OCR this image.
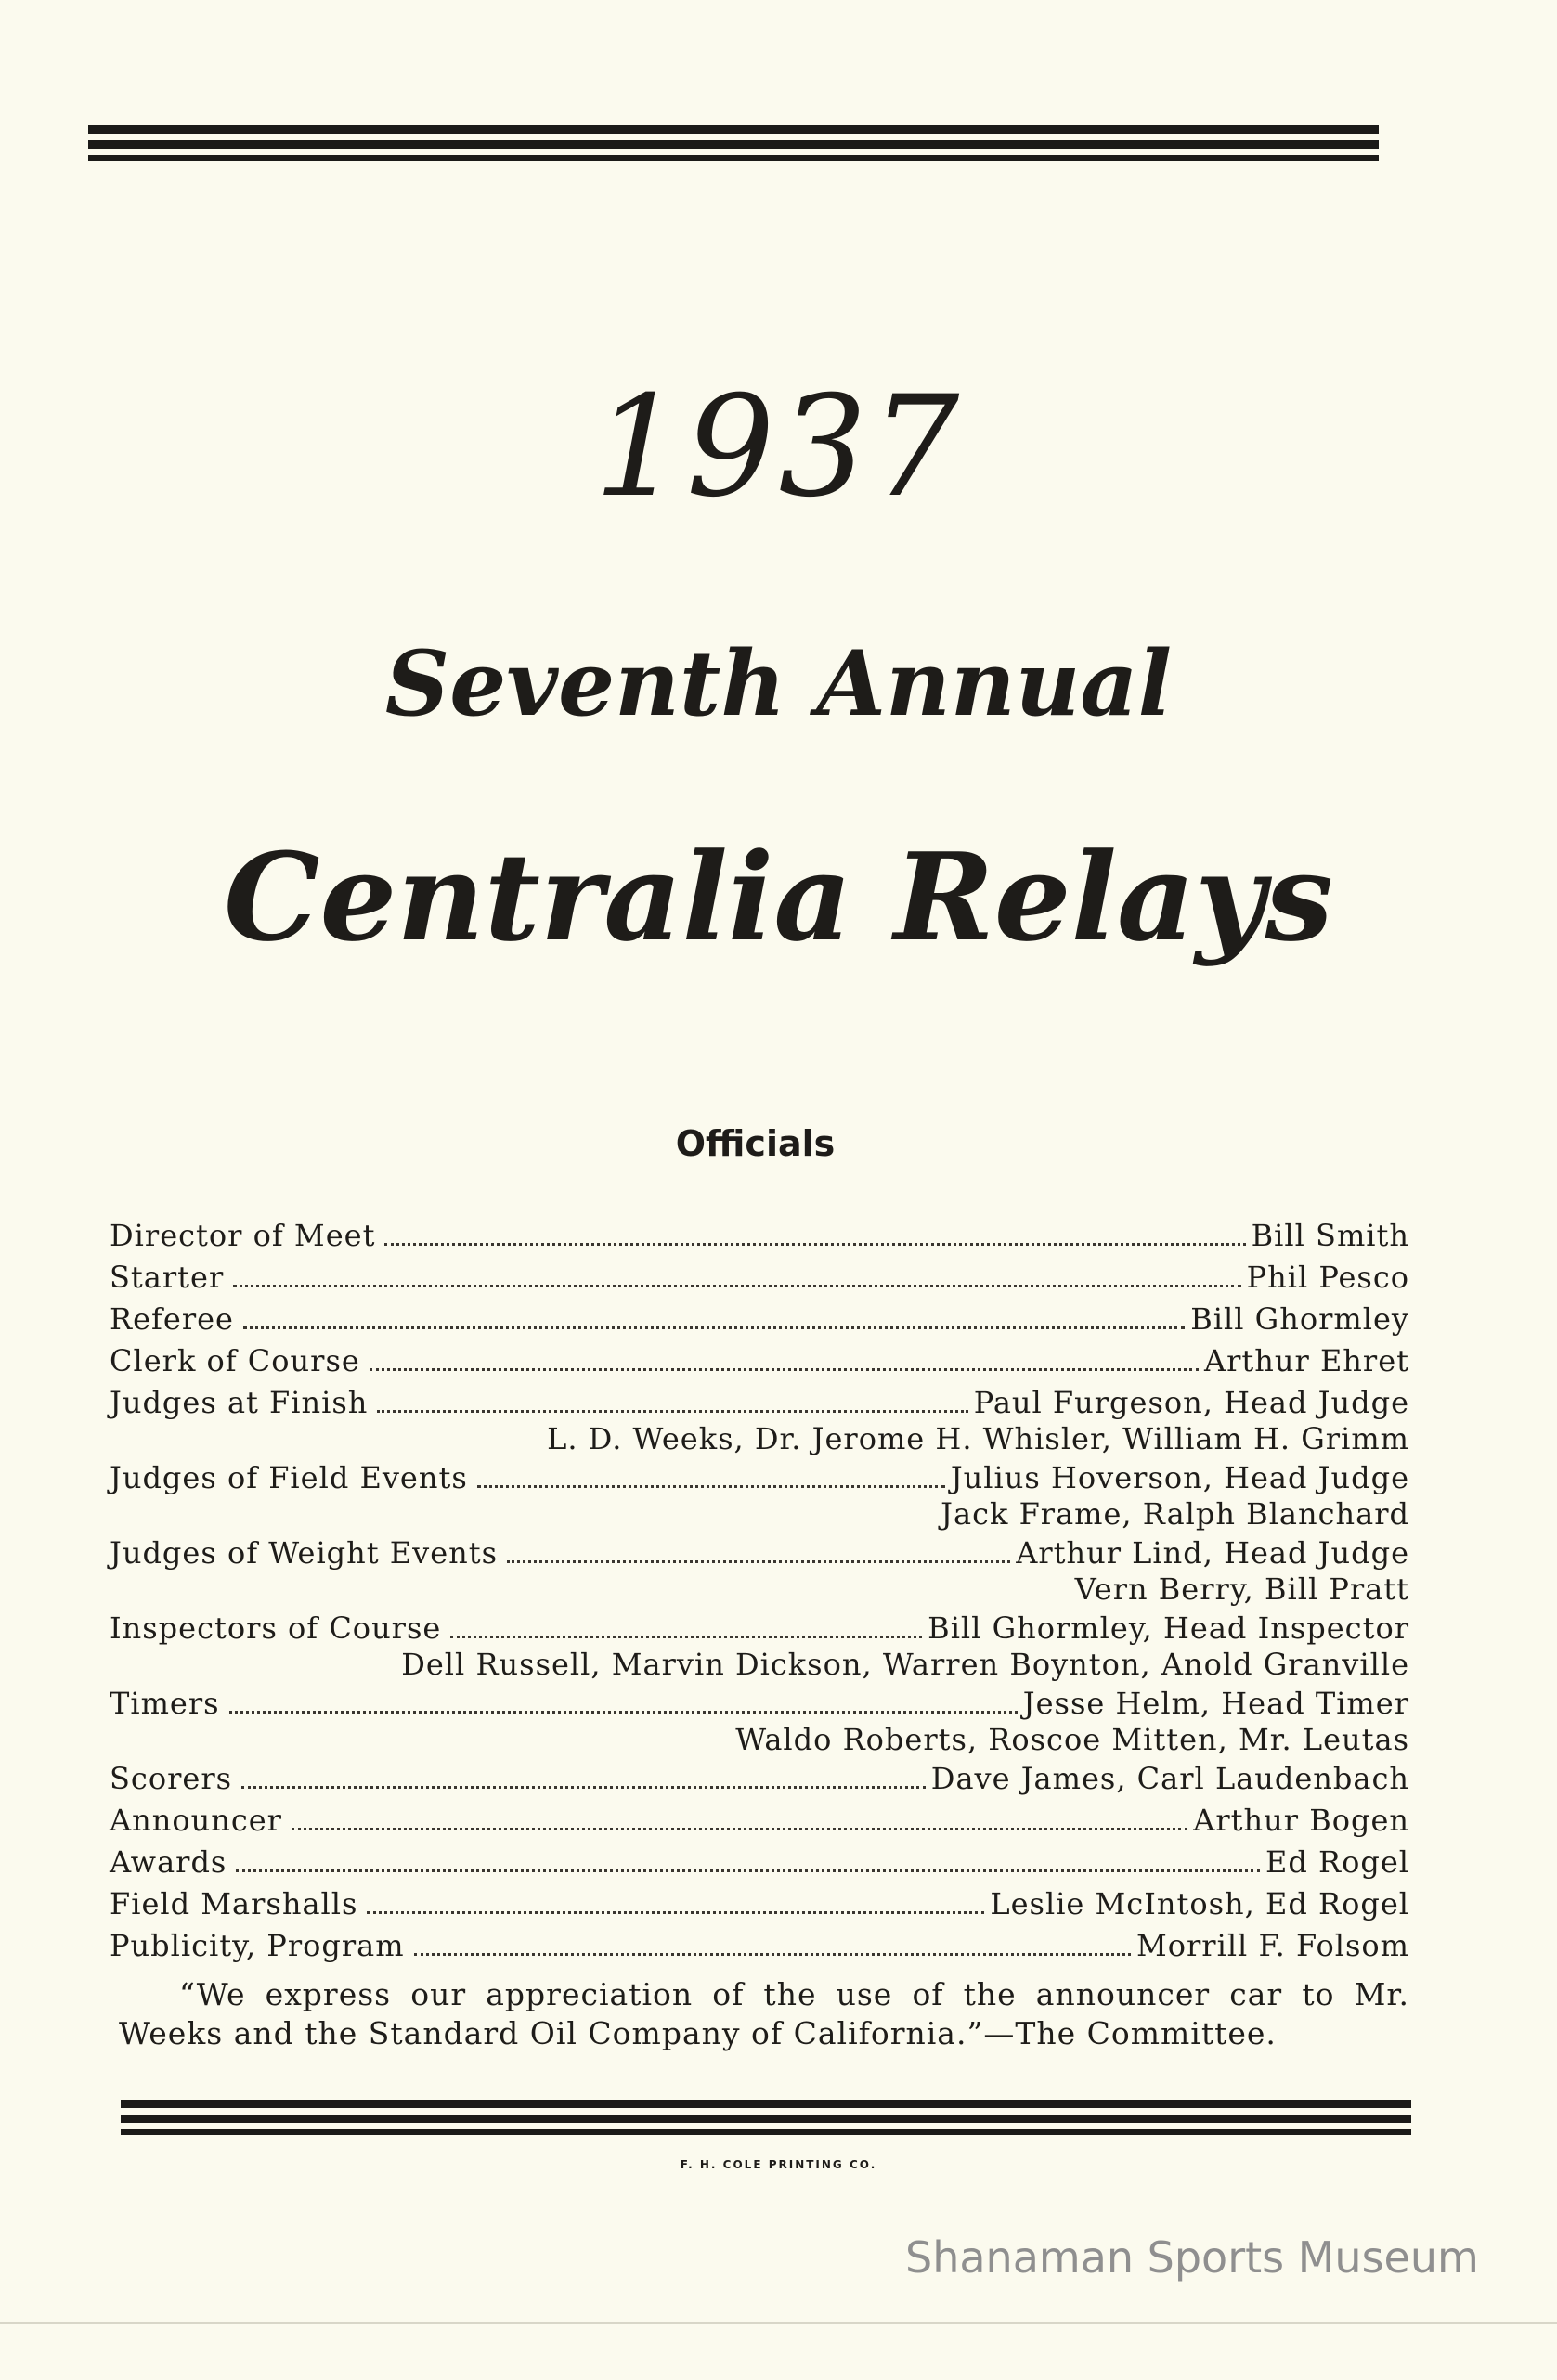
1937
Seventh Annual
Centralia Relays
Officials
Director of Meet	Bill Smith
Starter	Phil Pesco
Referee	Bill Ghormley
Clerk of Course	Arthur Ehret
Judges at Finish	Paul Furgeson, Head Judge
L. D. Weeks, Dr. Jerome H. Whisler, William H. Grimm
Judges of Field Events	Julius Hoverson, Head Judge
Jack Frame, Ralph Blanchard
Judges of Weight Events	Arthur Lind, Head Judge
Vern Berry, Bill Pratt
Inspectors of Course	Bill Ghormley, Head Inspector
Dell Russell, Marvin Dickson, Warren Boynton, Anold Granville
Timers	Jesse Helm, Head Timer
Waldo Roberts, Roscoe Mitten, Mr. Leutas
Scorers	Dave James, Carl Laudenbach
Announcer	Arthur Bogen
Awards	Ed Rogel
Field Marshalls	Leslie McIntosh, Ed Rogel
Publicity, Program	Morrill F. Folsom
“We express our appreciation of the use of the announcer car to Mr. Weeks and the Standard Oil Company of California.”—The Committee.
F. H. COLE PRINTING CO.
Shanaman Sports Museum
